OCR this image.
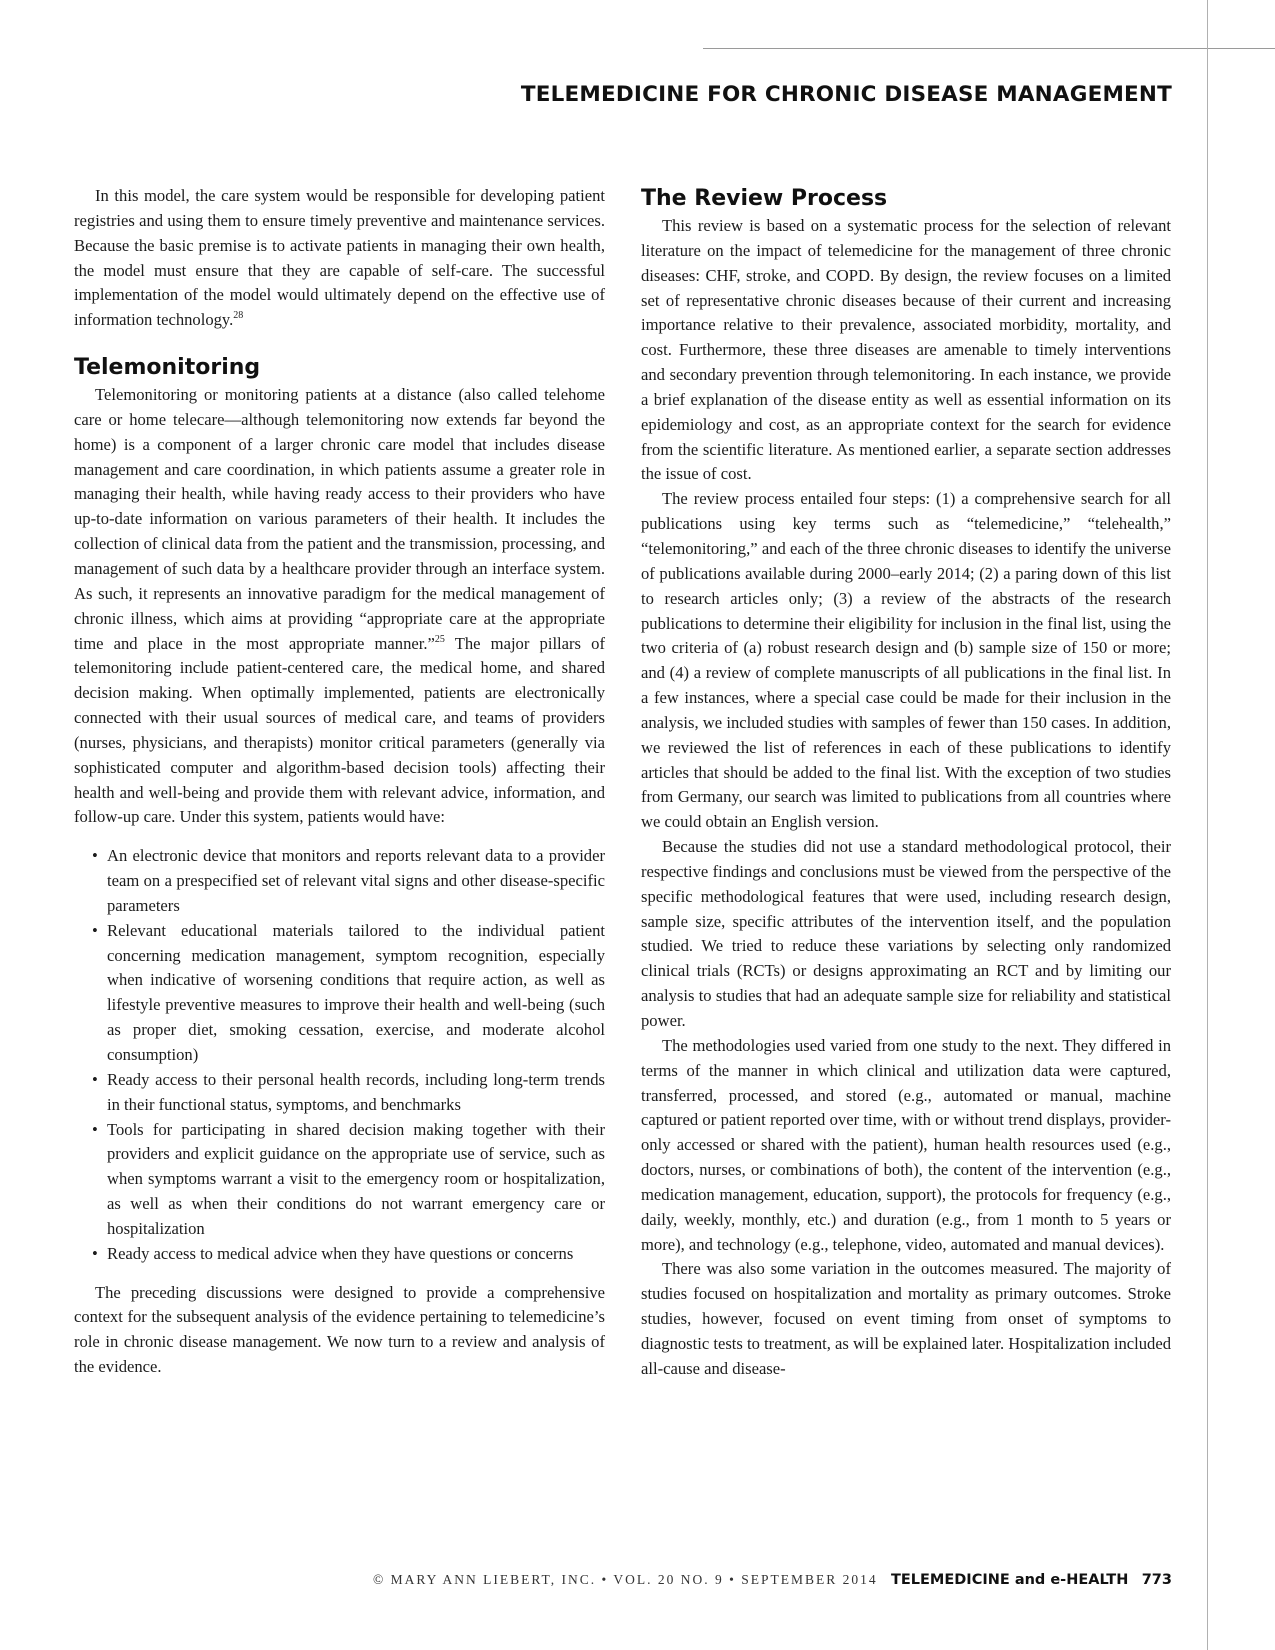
TELEMEDICINE FOR CHRONIC DISEASE MANAGEMENT

In this model, the care system would be responsible for developing patient registries and using them to ensure timely preventive and maintenance services. Because the basic premise is to activate patients in managing their own health, the model must ensure that they are capable of self-care. The successful implementation of the model would ultimately depend on the effective use of information technology.$^{28}$

Telemonitoring

Telemonitoring or monitoring patients at a distance (also called telehome care or home telecare—although telemonitoring now extends far beyond the home) is a component of a larger chronic care model that includes disease management and care coordination, in which patients assume a greater role in managing their health, while having ready access to their providers who have up-to-date information on various parameters of their health. It includes the collection of clinical data from the patient and the transmission, processing, and management of such data by a healthcare provider through an interface system. As such, it represents an innovative paradigm for the medical management of chronic illness, which aims at providing “appropriate care at the appropriate time and place in the most appropriate manner.”$^{25}$ The major pillars of telemonitoring include patient-centered care, the medical home, and shared decision making. When optimally implemented, patients are electronically connected with their usual sources of medical care, and teams of providers (nurses, physicians, and therapists) monitor critical parameters (generally via sophisticated computer and algorithm-based decision tools) affecting their health and well-being and provide them with relevant advice, information, and follow-up care. Under this system, patients would have:

• An electronic device that monitors and reports relevant data to a provider team on a prespecified set of relevant vital signs and other disease-specific parameters
• Relevant educational materials tailored to the individual patient concerning medication management, symptom recognition, especially when indicative of worsening conditions that require action, as well as lifestyle preventive measures to improve their health and well-being (such as proper diet, smoking cessation, exercise, and moderate alcohol consumption)
• Ready access to their personal health records, including long-term trends in their functional status, symptoms, and benchmarks
• Tools for participating in shared decision making together with their providers and explicit guidance on the appropriate use of service, such as when symptoms warrant a visit to the emergency room or hospitalization, as well as when their conditions do not warrant emergency care or hospitalization
• Ready access to medical advice when they have questions or concerns

The preceding discussions were designed to provide a comprehensive context for the subsequent analysis of the evidence pertaining to telemedicine’s role in chronic disease management. We now turn to a review and analysis of the evidence.

The Review Process

This review is based on a systematic process for the selection of relevant literature on the impact of telemedicine for the management of three chronic diseases: CHF, stroke, and COPD. By design, the review focuses on a limited set of representative chronic diseases because of their current and increasing importance relative to their prevalence, associated morbidity, mortality, and cost. Furthermore, these three diseases are amenable to timely interventions and secondary prevention through telemonitoring. In each instance, we provide a brief explanation of the disease entity as well as essential information on its epidemiology and cost, as an appropriate context for the search for evidence from the scientific literature. As mentioned earlier, a separate section addresses the issue of cost.

The review process entailed four steps: (1) a comprehensive search for all publications using key terms such as “telemedicine,” “telehealth,” “telemonitoring,” and each of the three chronic diseases to identify the universe of publications available during 2000–early 2014; (2) a paring down of this list to research articles only; (3) a review of the abstracts of the research publications to determine their eligibility for inclusion in the final list, using the two criteria of (a) robust research design and (b) sample size of 150 or more; and (4) a review of complete manuscripts of all publications in the final list. In a few instances, where a special case could be made for their inclusion in the analysis, we included studies with samples of fewer than 150 cases. In addition, we reviewed the list of references in each of these publications to identify articles that should be added to the final list. With the exception of two studies from Germany, our search was limited to publications from all countries where we could obtain an English version.

Because the studies did not use a standard methodological protocol, their respective findings and conclusions must be viewed from the perspective of the specific methodological features that were used, including research design, sample size, specific attributes of the intervention itself, and the population studied. We tried to reduce these variations by selecting only randomized clinical trials (RCTs) or designs approximating an RCT and by limiting our analysis to studies that had an adequate sample size for reliability and statistical power.

The methodologies used varied from one study to the next. They differed in terms of the manner in which clinical and utilization data were captured, transferred, processed, and stored (e.g., automated or manual, machine captured or patient reported over time, with or without trend displays, provider-only accessed or shared with the patient), human health resources used (e.g., doctors, nurses, or combinations of both), the content of the intervention (e.g., medication management, education, support), the protocols for frequency (e.g., daily, weekly, monthly, etc.) and duration (e.g., from 1 month to 5 years or more), and technology (e.g., telephone, video, automated and manual devices).

There was also some variation in the outcomes measured. The majority of studies focused on hospitalization and mortality as primary outcomes. Stroke studies, however, focused on event timing from onset of symptoms to diagnostic tests to treatment, as will be explained later. Hospitalization included all-cause and disease-

© MARY ANN LIEBERT, INC. • VOL. 20 NO. 9 • SEPTEMBER 2014 TELEMEDICINE and e-HEALTH 773
